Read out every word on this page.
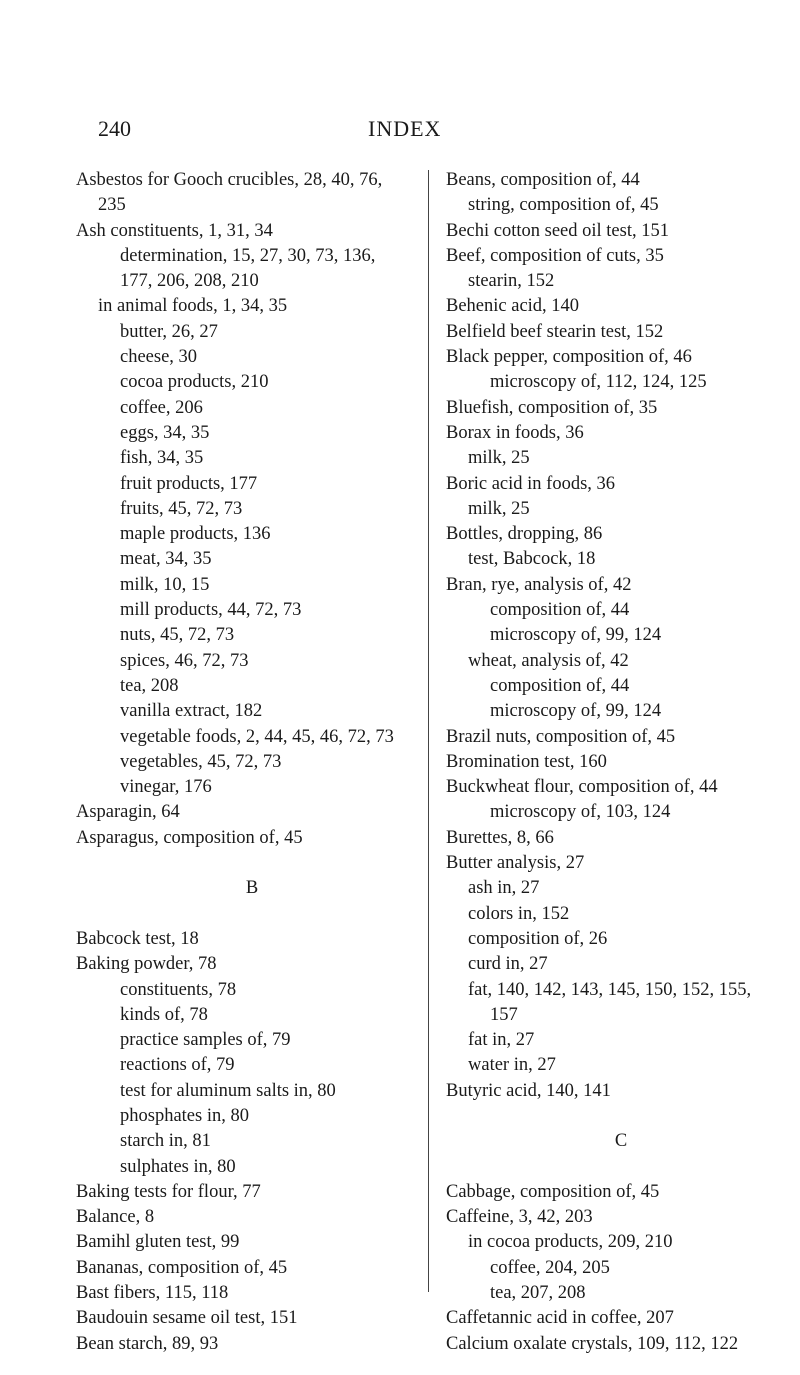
240	INDEX
Asbestos for Gooch crucibles, 28, 40, 76,
235
Ash constituents, 1, 31, 34
determination, 15, 27, 30, 73, 136,
177, 206, 208, 210
in animal foods, 1, 34, 35
butter, 26, 27
cheese, 30
cocoa products, 210
coffee, 206
eggs, 34, 35
fish, 34, 35
fruit products, 177
fruits, 45, 72, 73
maple products, 136
meat, 34, 35
milk, 10, 15
mill products, 44, 72, 73
nuts, 45, 72, 73
spices, 46, 72, 73
tea, 208
vanilla extract, 182
vegetable foods, 2, 44, 45, 46, 72, 73
vegetables, 45, 72, 73
vinegar, 176
Asparagin, 64
Asparagus, composition of, 45
B
Babcock test, 18
Baking powder, 78
constituents, 78
kinds of, 78
practice samples of, 79
reactions of, 79
test for aluminum salts in, 80
phosphates in, 80
starch in, 81
sulphates in, 80
Baking tests for flour, 77
Balance, 8
Bamihl gluten test, 99
Bananas, composition of, 45
Bast fibers, 115, 118
Baudouin sesame oil test, 151
Bean starch, 89, 93
Beans, composition of, 44
string, composition of, 45
Bechi cotton seed oil test, 151
Beef, composition of cuts, 35
stearin, 152
Behenic acid, 140
Belfield beef stearin test, 152
Black pepper, composition of, 46
microscopy of, 112, 124, 125
Bluefish, composition of, 35
Borax in foods, 36
milk, 25
Boric acid in foods, 36
milk, 25
Bottles, dropping, 86
test, Babcock, 18
Bran, rye, analysis of, 42
composition of, 44
microscopy of, 99, 124
wheat, analysis of, 42
composition of, 44
microscopy of, 99, 124
Brazil nuts, composition of, 45
Bromination test, 160
Buckwheat flour, composition of, 44
microscopy of, 103, 124
Burettes, 8, 66
Butter analysis, 27
ash in, 27
colors in, 152
composition of, 26
curd in, 27
fat, 140, 142, 143, 145, 150, 152, 155,
157
fat in, 27
water in, 27
Butyric acid, 140, 141
C
Cabbage, composition of, 45
Caffeine, 3, 42, 203
in cocoa products, 209, 210
coffee, 204, 205
tea, 207, 208
Caffetannic acid in coffee, 207
Calcium oxalate crystals, 109, 112, 122
